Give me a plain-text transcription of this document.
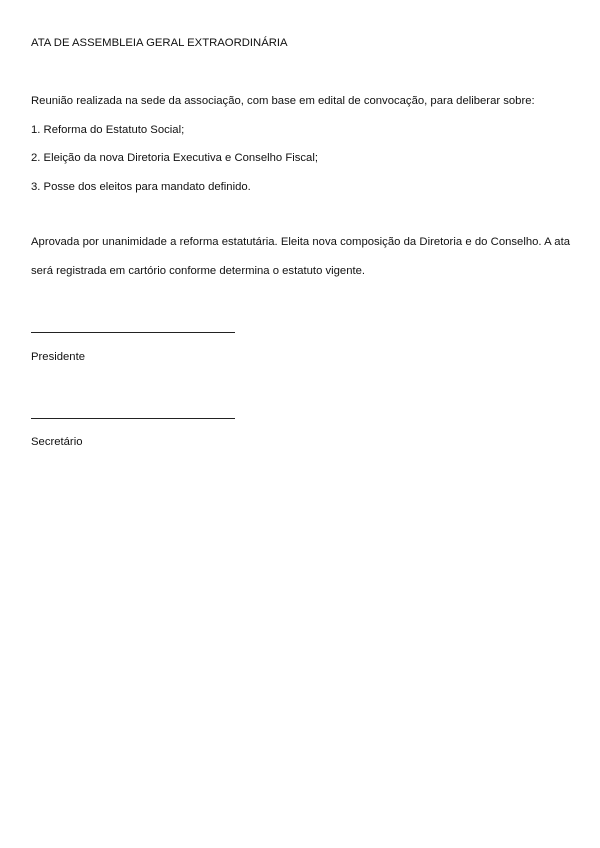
ATA DE ASSEMBLEIA GERAL EXTRAORDINÁRIA
Reunião realizada na sede da associação, com base em edital de convocação, para deliberar sobre:
1. Reforma do Estatuto Social;
2. Eleição da nova Diretoria Executiva e Conselho Fiscal;
3. Posse dos eleitos para mandato definido.
Aprovada por unanimidade a reforma estatutária. Eleita nova composição da Diretoria e do Conselho. A ata será registrada em cartório conforme determina o estatuto vigente.
Presidente
Secretário
